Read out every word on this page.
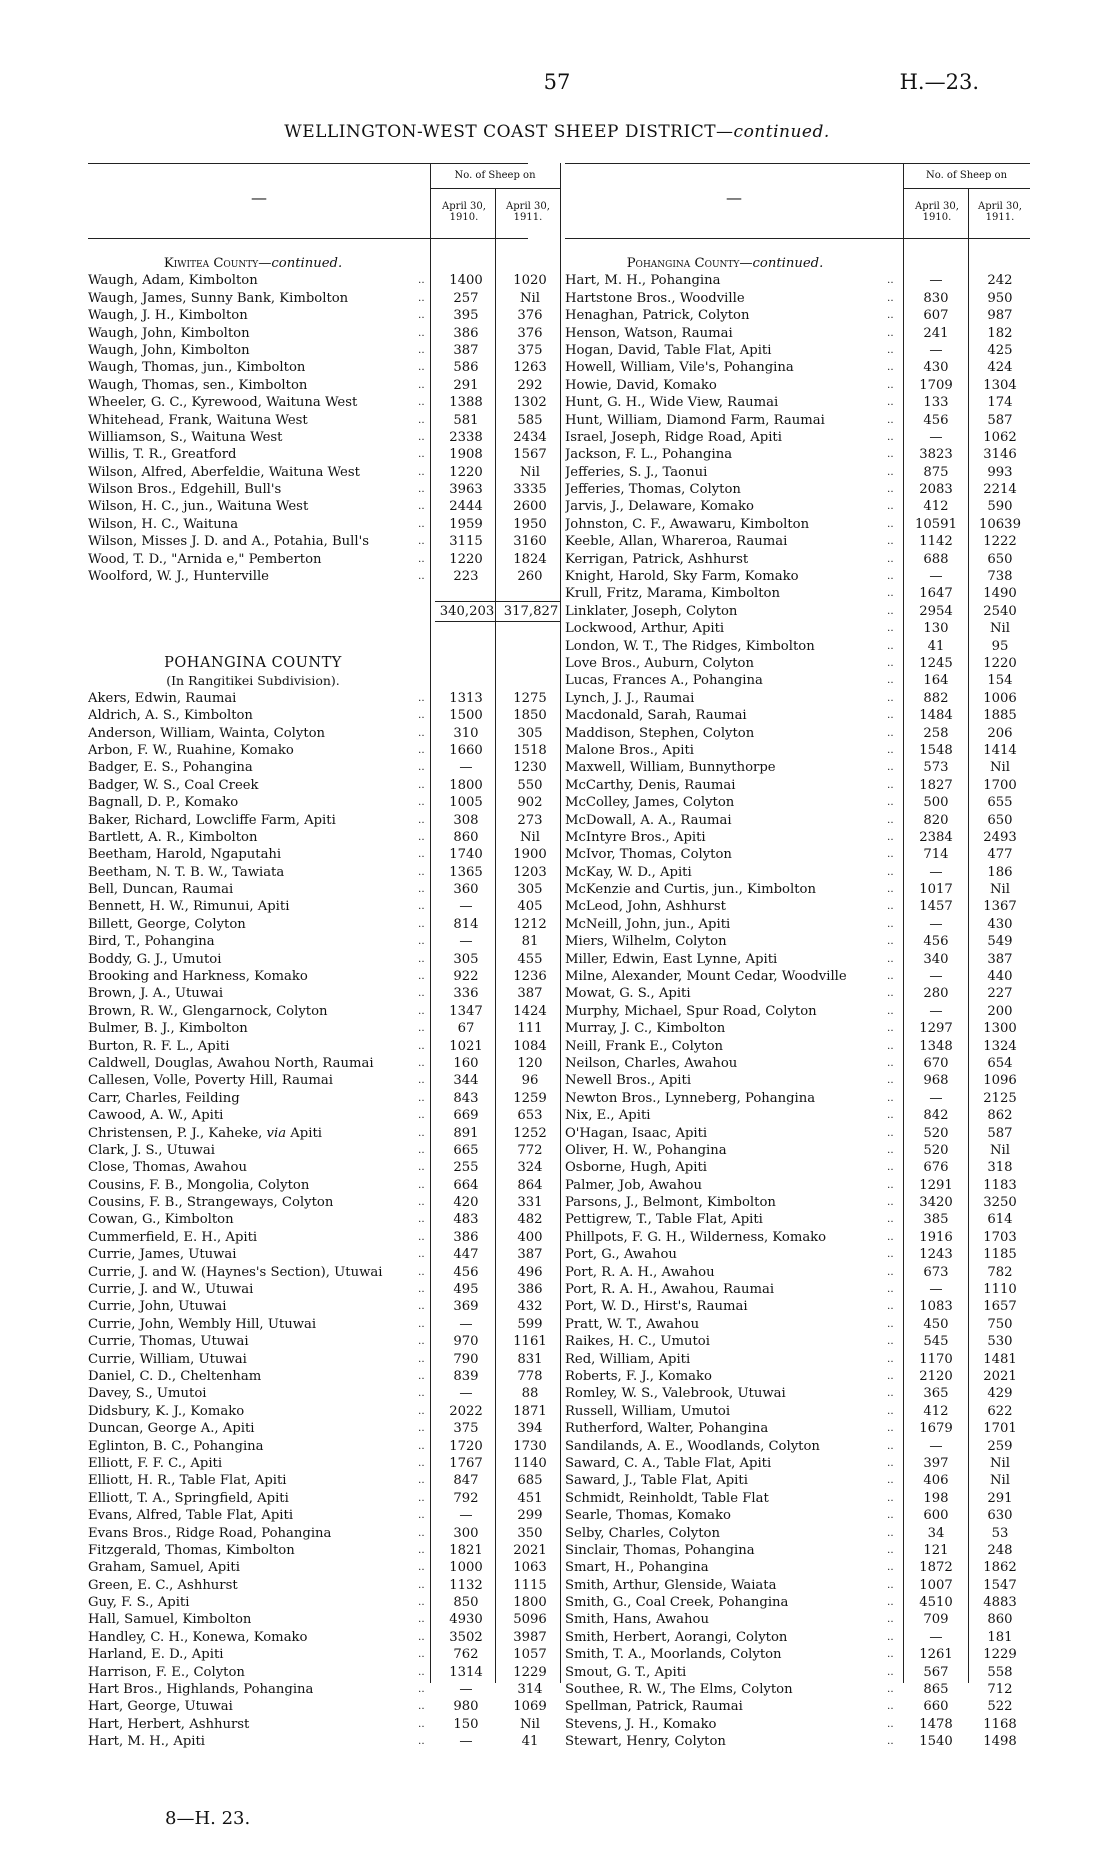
57	H.—23.
WELLINGTON-WEST COAST SHEEP DISTRICT—continued.
—	—
No. of Sheep on	No. of Sheep on
April 30, 1910.
April 30, 1911.
April 30, 1910.
April 30, 1911.
Kiwitea County—continued.
Waugh, Adam, Kimbolton	‥	1400	1020
Waugh, James, Sunny Bank, Kimbolton	‥	257	Nil
Waugh, J. H., Kimbolton	‥	395	376
Waugh, John, Kimbolton	‥	386	376
Waugh, John, Kimbolton	‥	387	375
Waugh, Thomas, jun., Kimbolton	‥	586	1263
Waugh, Thomas, sen., Kimbolton	‥	291	292
Wheeler, G. C., Kyrewood, Waituna West	‥	1388	1302
Whitehead, Frank, Waituna West	‥	581	585
Williamson, S., Waituna West	‥	2338	2434
Willis, T. R., Greatford	‥	1908	1567
Wilson, Alfred, Aberfeldie, Waituna West	‥	1220	Nil
Wilson Bros., Edgehill, Bull's	‥	3963	3335
Wilson, H. C., jun., Waituna West	‥	2444	2600
Wilson, H. C., Waituna	‥	1959	1950
Wilson, Misses J. D. and A., Potahia, Bull's	‥	3115	3160
Wood, T. D., "Arnida e," Pemberton	‥	1220	1824
Woolford, W. J., Hunterville	‥	223	260
340,203 317,827
POHANGINA COUNTY
(In Rangitikei Subdivision).
Akers, Edwin, Raumai	‥	1313	1275
Aldrich, A. S., Kimbolton	‥	1500	1850
Anderson, William, Wainta, Colyton	‥	310	305
Arbon, F. W., Ruahine, Komako	‥	1660	1518
Badger, E. S., Pohangina	‥	—	1230
Badger, W. S., Coal Creek	‥	1800	550
Bagnall, D. P., Komako	‥	1005	902
Baker, Richard, Lowcliffe Farm, Apiti	‥	308	273
Bartlett, A. R., Kimbolton	‥	860	Nil
Beetham, Harold, Ngaputahi	‥	1740	1900
Beetham, N. T. B. W., Tawiata	‥	1365	1203
Bell, Duncan, Raumai	‥	360	305
Bennett, H. W., Rimunui, Apiti	‥	—	405
Billett, George, Colyton	‥	814	1212
Bird, T., Pohangina	‥	—	81
Boddy, G. J., Umutoi	‥	305	455
Brooking and Harkness, Komako	‥	922	1236
Brown, J. A., Utuwai	‥	336	387
Brown, R. W., Glengarnock, Colyton	‥	1347	1424
Bulmer, B. J., Kimbolton	‥	67	111
Burton, R. F. L., Apiti	‥	1021	1084
Caldwell, Douglas, Awahou North, Raumai	‥	160	120
Callesen, Volle, Poverty Hill, Raumai	‥	344	96
Carr, Charles, Feilding	‥	843	1259
Cawood, A. W., Apiti	‥	669	653
Christensen, P. J., Kaheke, via Apiti	‥	891	1252
Clark, J. S., Utuwai	‥	665	772
Close, Thomas, Awahou	‥	255	324
Cousins, F. B., Mongolia, Colyton	‥	664	864
Cousins, F. B., Strangeways, Colyton	‥	420	331
Cowan, G., Kimbolton	‥	483	482
Cummerfield, E. H., Apiti	‥	386	400
Currie, James, Utuwai	‥	447	387
Currie, J. and W. (Haynes's Section), Utuwai	‥	456	496
Currie, J. and W., Utuwai	‥	495	386
Currie, John, Utuwai	‥	369	432
Currie, John, Wembly Hill, Utuwai	‥	—	599
Currie, Thomas, Utuwai	‥	970	1161
Currie, William, Utuwai	‥	790	831
Daniel, C. D., Cheltenham	‥	839	778
Davey, S., Umutoi	‥	—	88
Didsbury, K. J., Komako	‥	2022	1871
Duncan, George A., Apiti	‥	375	394
Eglinton, B. C., Pohangina	‥	1720	1730
Elliott, F. F. C., Apiti	‥	1767	1140
Elliott, H. R., Table Flat, Apiti	‥	847	685
Elliott, T. A., Springfield, Apiti	‥	792	451
Evans, Alfred, Table Flat, Apiti	‥	—	299
Evans Bros., Ridge Road, Pohangina	‥	300	350
Fitzgerald, Thomas, Kimbolton	‥	1821	2021
Graham, Samuel, Apiti	‥	1000	1063
Green, E. C., Ashhurst	‥	1132	1115
Guy, F. S., Apiti	‥	850	1800
Hall, Samuel, Kimbolton	‥	4930	5096
Handley, C. H., Konewa, Komako	‥	3502	3987
Harland, E. D., Apiti	‥	762	1057
Harrison, F. E., Colyton	‥	1314	1229
Hart Bros., Highlands, Pohangina	‥	—	314
Hart, George, Utuwai	‥	980	1069
Hart, Herbert, Ashhurst	‥	150	Nil
Hart, M. H., Apiti	‥	—	41
Pohangina County—continued.
Hart, M. H., Pohangina	‥	—	242
Hartstone Bros., Woodville	‥	830	950
Henaghan, Patrick, Colyton	‥	607	987
Henson, Watson, Raumai	‥	241	182
Hogan, David, Table Flat, Apiti	‥	—	425
Howell, William, Vile's, Pohangina	‥	430	424
Howie, David, Komako	‥	1709	1304
Hunt, G. H., Wide View, Raumai	‥	133	174
Hunt, William, Diamond Farm, Raumai	‥	456	587
Israel, Joseph, Ridge Road, Apiti	‥	—	1062
Jackson, F. L., Pohangina	‥	3823	3146
Jefferies, S. J., Taonui	‥	875	993
Jefferies, Thomas, Colyton	‥	2083	2214
Jarvis, J., Delaware, Komako	‥	412	590
Johnston, C. F., Awawaru, Kimbolton	‥	10591	10639
Keeble, Allan, Whareroa, Raumai	‥	1142	1222
Kerrigan, Patrick, Ashhurst	‥	688	650
Knight, Harold, Sky Farm, Komako	‥	—	738
Krull, Fritz, Marama, Kimbolton	‥	1647	1490
Linklater, Joseph, Colyton	‥	2954	2540
Lockwood, Arthur, Apiti	‥	130	Nil
London, W. T., The Ridges, Kimbolton	‥	41	95
Love Bros., Auburn, Colyton	‥	1245	1220
Lucas, Frances A., Pohangina	‥	164	154
Lynch, J. J., Raumai	‥	882	1006
Macdonald, Sarah, Raumai	‥	1484	1885
Maddison, Stephen, Colyton	‥	258	206
Malone Bros., Apiti	‥	1548	1414
Maxwell, William, Bunnythorpe	‥	573	Nil
McCarthy, Denis, Raumai	‥	1827	1700
McColley, James, Colyton	‥	500	655
McDowall, A. A., Raumai	‥	820	650
McIntyre Bros., Apiti	‥	2384	2493
McIvor, Thomas, Colyton	‥	714	477
McKay, W. D., Apiti	‥	—	186
McKenzie and Curtis, jun., Kimbolton	‥	1017	Nil
McLeod, John, Ashhurst	‥	1457	1367
McNeill, John, jun., Apiti	‥	—	430
Miers, Wilhelm, Colyton	‥	456	549
Miller, Edwin, East Lynne, Apiti	‥	340	387
Milne, Alexander, Mount Cedar, Woodville	‥	—	440
Mowat, G. S., Apiti	‥	280	227
Murphy, Michael, Spur Road, Colyton	‥	—	200
Murray, J. C., Kimbolton	‥	1297	1300
Neill, Frank E., Colyton	‥	1348	1324
Neilson, Charles, Awahou	‥	670	654
Newell Bros., Apiti	‥	968	1096
Newton Bros., Lynneberg, Pohangina	‥	—	2125
Nix, E., Apiti	‥	842	862
O'Hagan, Isaac, Apiti	‥	520	587
Oliver, H. W., Pohangina	‥	520	Nil
Osborne, Hugh, Apiti	‥	676	318
Palmer, Job, Awahou	‥	1291	1183
Parsons, J., Belmont, Kimbolton	‥	3420	3250
Pettigrew, T., Table Flat, Apiti	‥	385	614
Phillpots, F. G. H., Wilderness, Komako	‥	1916	1703
Port, G., Awahou	‥	1243	1185
Port, R. A. H., Awahou	‥	673	782
Port, R. A. H., Awahou, Raumai	‥	—	1110
Port, W. D., Hirst's, Raumai	‥	1083	1657
Pratt, W. T., Awahou	‥	450	750
Raikes, H. C., Umutoi	‥	545	530
Red, William, Apiti	‥	1170	1481
Roberts, F. J., Komako	‥	2120	2021
Romley, W. S., Valebrook, Utuwai	‥	365	429
Russell, William, Umutoi	‥	412	622
Rutherford, Walter, Pohangina	‥	1679	1701
Sandilands, A. E., Woodlands, Colyton	‥	—	259
Saward, C. A., Table Flat, Apiti	‥	397	Nil
Saward, J., Table Flat, Apiti	‥	406	Nil
Schmidt, Reinholdt, Table Flat	‥	198	291
Searle, Thomas, Komako	‥	600	630
Selby, Charles, Colyton	‥	34	53
Sinclair, Thomas, Pohangina	‥	121	248
Smart, H., Pohangina	‥	1872	1862
Smith, Arthur, Glenside, Waiata	‥	1007	1547
Smith, G., Coal Creek, Pohangina	‥	4510	4883
Smith, Hans, Awahou	‥	709	860
Smith, Herbert, Aorangi, Colyton	‥	—	181
Smith, T. A., Moorlands, Colyton	‥	1261	1229
Smout, G. T., Apiti	‥	567	558
Southee, R. W., The Elms, Colyton	‥	865	712
Spellman, Patrick, Raumai	‥	660	522
Stevens, J. H., Komako	‥	1478	1168
Stewart, Henry, Colyton	‥	1540	1498
8—H. 23.
